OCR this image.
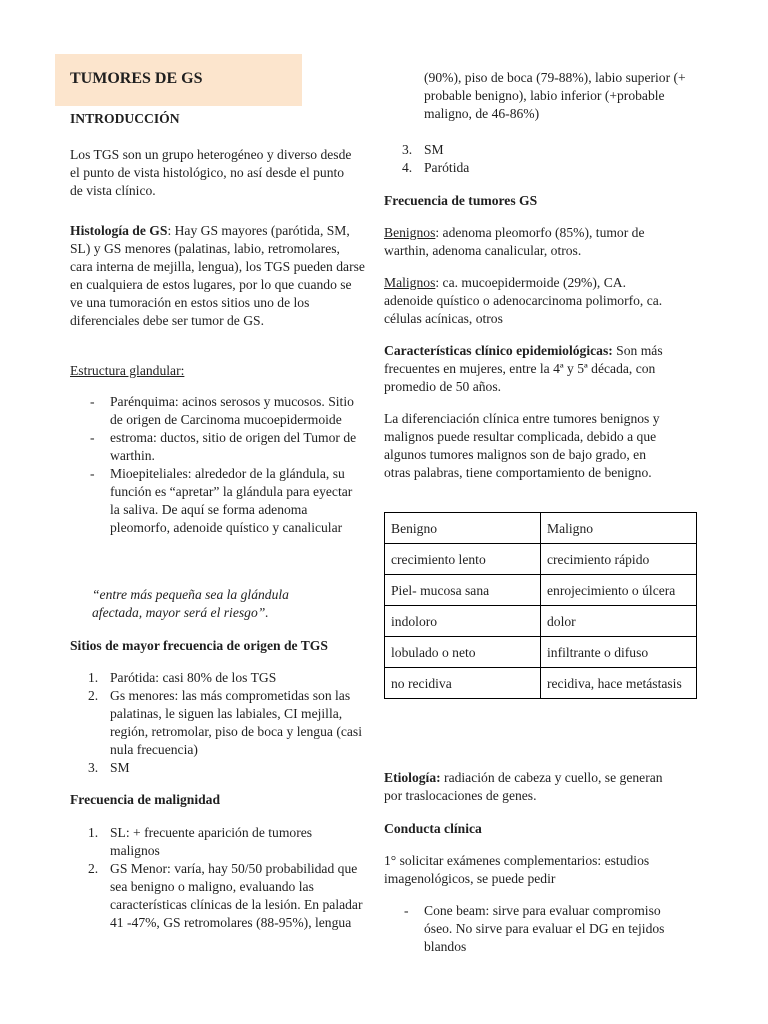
TUMORES DE GS

INTRODUCCIÓN

Los TGS son un grupo heterogéneo y diverso desde el punto de vista histológico, no así desde el punto de vista clínico.

Histología de GS: Hay GS mayores (parótida, SM, SL) y GS menores (palatinas, labio, retromolares, cara interna de mejilla, lengua), los TGS pueden darse en cualquiera de estos lugares, por lo que cuando se ve una tumoración en estos sitios uno de los diferenciales debe ser tumor de GS.

Estructura glandular:

- Parénquima: acinos serosos y mucosos. Sitio de origen de Carcinoma mucoepidermoide
- estroma: ductos, sitio de origen del Tumor de warthin.
- Mioepiteliales: alrededor de la glándula, su función es “apretar” la glándula para eyectar la saliva. De aquí se forma adenoma pleomorfo, adenoide quístico y canalicular

“entre más pequeña sea la glándula afectada, mayor será el riesgo”.

Sitios de mayor frecuencia de origen de TGS

1. Parótida: casi 80% de los TGS
2. Gs menores: las más comprometidas son las palatinas, le siguen las labiales, CI mejilla, región, retromolar, piso de boca y lengua (casi nula frecuencia)
3. SM

Frecuencia de malignidad

1. SL: + frecuente aparición de tumores malignos
2. GS Menor: varía, hay 50/50 probabilidad que sea benigno o maligno, evaluando las características clínicas de la lesión. En paladar 41 -47%, GS retromolares (88-95%), lengua

(90%), piso de boca (79-88%), labio superior (+ probable benigno), labio inferior (+probable maligno, de 46-86%)

3. SM
4. Parótida

Frecuencia de tumores GS

Benignos: adenoma pleomorfo (85%), tumor de warthin, adenoma canalicular, otros.

Malignos: ca. mucoepidermoide (29%), CA. adenoide quístico o adenocarcinoma polimorfo, ca. células acínicas, otros

Características clínico epidemiológicas: Son más frecuentes en mujeres, entre la 4ª y 5ª década, con promedio de 50 años.

La diferenciación clínica entre tumores benignos y malignos puede resultar complicada, debido a que algunos tumores malignos son de bajo grado, en otras palabras, tiene comportamiento de benigno.

Benigno	Maligno
crecimiento lento	crecimiento rápido
Piel- mucosa sana	enrojecimiento o úlcera
indoloro	dolor
lobulado o neto	infiltrante o difuso
no recidiva	recidiva, hace metástasis

Etiología: radiación de cabeza y cuello, se generan por traslocaciones de genes.

Conducta clínica

1° solicitar exámenes complementarios: estudios imagenológicos, se puede pedir

- Cone beam: sirve para evaluar compromiso óseo. No sirve para evaluar el DG en tejidos blandos
